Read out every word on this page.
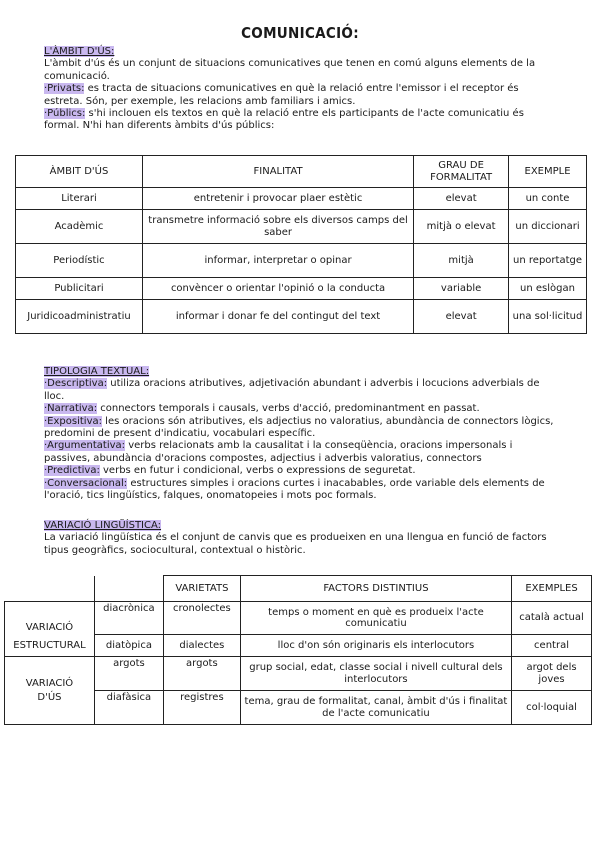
COMUNICACIÓ:

L'ÀMBIT D'ÚS:

L'àmbit d'ús és un conjunt de situacions comunicatives que tenen en comú alguns elements de la comunicació.

·Privats: es tracta de situacions comunicatives en què la relació entre l'emissor i el receptor és estreta. Són, per exemple, les relacions amb familiars i amics.

·Públics: s'hi inclouen els textos en què la relació entre els participants de l'acte comunicatiu és formal. N'hi han diferents àmbits d'ús públics:

ÀMBIT D'ÚS	FINALITAT	GRAU DE FORMALITAT	EXEMPLE
Literari	entretenir i provocar plaer estètic	elevat	un conte
Acadèmic	transmetre informació sobre els diversos camps del saber	mitjà o elevat	un diccionari
Periodístic	informar, interpretar o opinar	mitjà	un reportatge
Publicitari	convèncer o orientar l'opinió o la conducta	variable	un eslògan
Juridicoadministratiu	informar i donar fe del contingut del text	elevat	una sol·licitud

TIPOLOGIA TEXTUAL:

·Descriptiva: utiliza oracions atributives, adjetivación abundant i adverbis i locucions adverbials de lloc.

·Narrativa: connectors temporals i causals, verbs d'acció, predominantment en passat.

·Expositiva: les oracions són atributives, els adjectius no valoratius, abundància de connectors lògics, predomini de present d'indicatiu, vocabulari específic.

·Argumentativa: verbs relacionats amb la causalitat i la conseqüència, oracions impersonals i passives, abundància d'oracions compostes, adjectius i adverbis valoratius, connectors

·Predictiva: verbs en futur i condicional, verbs o expressions de seguretat.

·Conversacional: estructures simples i oracions curtes i inacabables, orde variable dels elements de l'oració, tics lingüístics, falques, onomatopeies i mots poc formals.

VARIACIÓ LINGÜÍSTICA:

La variació lingüística és el conjunt de canvis que es produeixen en una llengua en funció de factors tipus geogràfics, sociocultural, contextual o històric.

		VARIETATS	FACTORS DISTINTIUS	EXEMPLES
VARIACIÓ	diacrònica	cronolectes	temps o moment en què es produeix l'acte comunicatiu	català actual
ESTRUCTURAL	diatòpica	dialectes	lloc d'on són originaris els interlocutors	central
VARIACIÓ	argots	argots	grup social, edat, classe social i nivell cultural dels interlocutors	argot dels joves
D'ÚS	diafàsica	registres	tema, grau de formalitat, canal, àmbit d'ús i finalitat de l'acte comunicatiu	col·loquial
